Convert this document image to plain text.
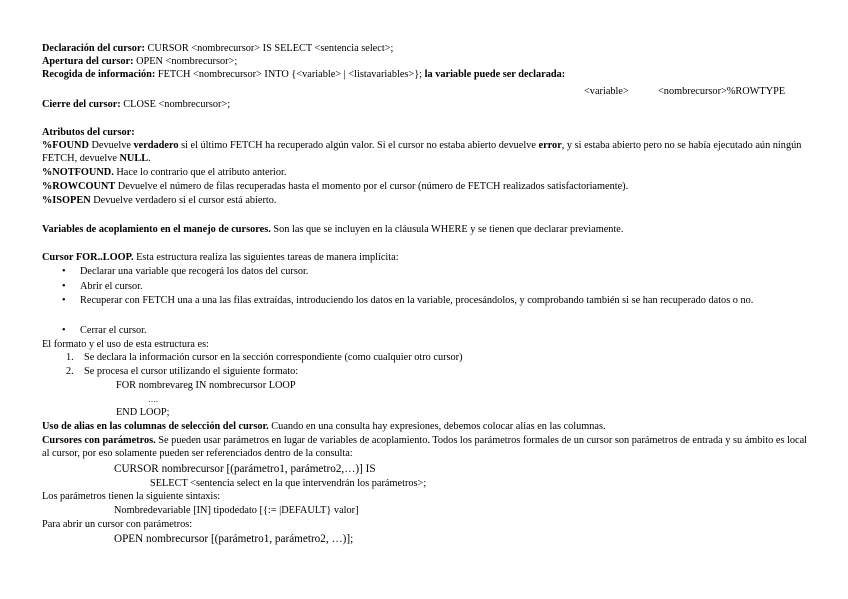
Declaración del cursor: CURSOR <nombrecursor> IS SELECT <sentencia select>;
Apertura del cursor: OPEN <nombrecursor>;
Recogida de información: FETCH <nombrecursor> INTO {<variable> | <listavariables>}; la variable puede ser declarada:
<variable>	<nombrecursor>%ROWTYPE
Cierre del cursor: CLOSE <nombrecursor>;
Atributos del cursor:
%FOUND Devuelve verdadero si el último FETCH ha recuperado algún valor. Si el cursor no estaba abierto devuelve error, y si estaba abierto pero no se había ejecutado aún ningún FETCH, devuelve NULL.
%NOTFOUND. Hace lo contrario que el atributo anterior.
%ROWCOUNT Devuelve el número de filas recuperadas hasta el momento por el cursor (número de FETCH realizados satisfactoriamente).
%ISOPEN Devuelve verdadero si el cursor está abierto.
Variables de acoplamiento en el manejo de cursores. Son las que se incluyen en la cláusula WHERE y se tienen que declarar previamente.
Cursor FOR..LOOP. Esta estructura realiza las siguientes tareas de manera implícita:
• Declarar una variable que recogerá los datos del cursor.
• Abrir el cursor.
• Recuperar con FETCH una a una las filas extraídas, introduciendo los datos en la variable, procesándolos, y comprobando también si se han recuperado datos o no.
• Cerrar el cursor.
El formato y el uso de esta estructura es:
1. Se declara la información cursor en la sección correspondiente (como cualquier otro cursor)
2. Se procesa el cursor utilizando el siguiente formato:
FOR nombrevareg IN nombrecursor LOOP
….
END LOOP;
Uso de alias en las columnas de selección del cursor. Cuando en una consulta hay expresiones, debemos colocar alias en las columnas.
Cursores con parámetros. Se pueden usar parámetros en lugar de variables de acoplamiento. Todos los parámetros formales de un cursor son parámetros de entrada y su ámbito es local al cursor, por eso solamente pueden ser referenciados dentro de la consulta:
CURSOR nombrecursor [(parámetro1, parámetro2,…)] IS
SELECT <sentencia select en la que intervendrán los parámetros>;
Los parámetros tienen la siguiente sintaxis:
Nombredevariable [IN] tipodedato [{:= |DEFAULT} valor]
Para abrir un cursor con parámetros:
OPEN nombrecursor [(parámetro1, parámetro2, …)];
